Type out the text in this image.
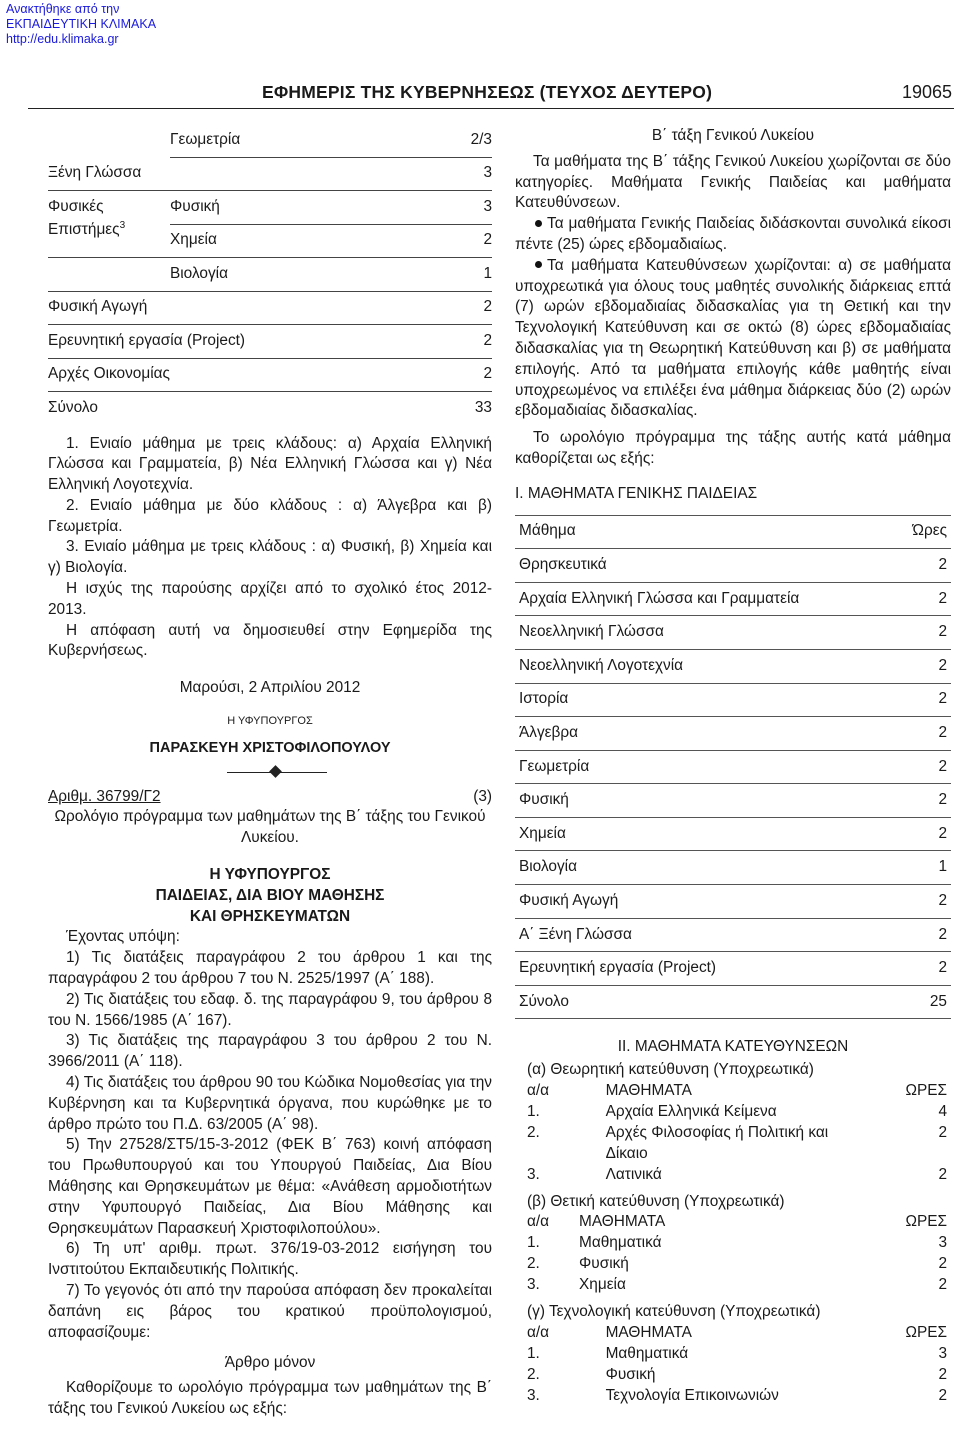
Ανακτήθηκε από την
ΕΚΠΑΙΔΕΥΤΙΚΗ ΚΛΙΜΑΚΑ
http://edu.klimaka.gr
ΕΦΗΜΕΡΙΣ ΤΗΣ ΚΥΒΕΡΝΗΣΕΩΣ (ΤΕΥΧΟΣ ΔΕΥΤΕΡΟ)	19065
	Γεωμετρία	2/3
Ξένη Γλώσσα		3
Φυσικές
Επιστήμες$^3$	Φυσική	3
	Χημεία	2
	Βιολογία	1
Φυσική Αγωγή		2
Ερευνητική εργασία (Project)		2
Αρχές Οικονομίας		2
Σύνολο		33

1. Ενιαίο μάθημα με τρεις κλάδους: α) Αρχαία Ελληνική Γλώσσα και Γραμματεία, β) Νέα Ελληνική Γλώσσα και γ) Νέα Ελληνική Λογοτεχνία.

2. Ενιαίο μάθημα με δύο κλάδους : α) Άλγεβρα και β) Γεωμετρία.

3. Ενιαίο μάθημα με τρεις κλάδους : α) Φυσική, β) Χημεία και γ) Βιολογία.

Η ισχύς της παρούσης αρχίζει από το σχολικό έτος 2012-2013.

Η απόφαση αυτή να δημοσιευθεί στην Εφημερίδα της Κυβερνήσεως.

Μαρούσι, 2 Απριλίου 2012

Η ΥΦΥΠΟΥΡΓΟΣ

ΠΑΡΑΣΚΕΥΗ ΧΡΙΣΤΟΦΙΛΟΠΟΥΛΟΥ

Αριθμ. 36799/Γ2	(3)

Ωρολόγιο πρόγραμμα των μαθημάτων της Β΄ τάξης του Γενικού Λυκείου.

Η ΥΦΥΠΟΥΡΓΟΣ

ΠΑΙΔΕΙΑΣ, ΔΙΑ ΒΙΟΥ ΜΑΘΗΣΗΣ

ΚΑΙ ΘΡΗΣΚΕΥΜΑΤΩΝ

Έχοντας υπόψη:

1) Τις διατάξεις παραγράφου 2 του άρθρου 1 και της παραγράφου 2 του άρθρου 7 του Ν. 2525/1997 (Α΄ 188).

2) Τις διατάξεις του εδαφ. δ. της παραγράφου 9, του άρθρου 8 του Ν. 1566/1985 (Α΄ 167).

3) Τις διατάξεις της παραγράφου 3 του άρθρου 2 του Ν. 3966/2011 (Α΄ 118).

4) Τις διατάξεις του άρθρου 90 του Κώδικα Νομοθεσίας για την Κυβέρνηση και τα Κυβερνητικά όργανα, που κυρώθηκε με το άρθρο πρώτο του Π.Δ. 63/2005 (Α΄ 98).

5) Την 27528/ΣΤ5/15-3-2012 (ΦΕΚ Β΄ 763) κοινή απόφαση του Πρωθυπουργού και του Υπουργού Παιδείας, Δια Βίου Μάθησης και Θρησκευμάτων με θέμα: «Ανάθεση αρμοδιοτήτων στην Υφυπουργό Παιδείας, Δια Βίου Μάθησης και Θρησκευμάτων Παρασκευή Χριστοφιλοπούλου».

6) Τη υπ' αριθμ. πρωτ. 376/19-03-2012 εισήγηση του Ινστιτούτου Εκπαιδευτικής Πολιτικής.

7) Το γεγονός ότι από την παρούσα απόφαση δεν προκαλείται δαπάνη εις βάρος του κρατικού προϋπολογισμού, αποφασίζουμε:

Άρθρο μόνον

Καθορίζουμε το ωρολόγιο πρόγραμμα των μαθημάτων της Β΄ τάξης του Γενικού Λυκείου ως εξής:

Β΄ τάξη Γενικού Λυκείου

Τα μαθήματα της Β΄ τάξης Γενικού Λυκείου χωρίζονται σε δύο κατηγορίες. Μαθήματα Γενικής Παιδείας και μαθήματα Κατευθύνσεων.

Τα μαθήματα Γενικής Παιδείας διδάσκονται συνολικά είκοσι πέντε (25) ώρες εβδομαδιαίως.

Τα μαθήματα Κατευθύνσεων χωρίζονται: α) σε μαθήματα υποχρεωτικά για όλους τους μαθητές συνολικής διάρκειας επτά (7) ωρών εβδομαδιαίας διδασκαλίας για τη Θετική και την Τεχνολογική Κατεύθυνση και σε οκτώ (8) ώρες εβδομαδιαίας διδασκαλίας για τη Θεωρητική Κατεύθυνση και β) σε μαθήματα επιλογής. Από τα μαθήματα επιλογής κάθε μαθητής είναι υποχρεωμένος να επιλέξει ένα μάθημα διάρκειας δύο (2) ωρών εβδομαδιαίας διδασκαλίας.

Το ωρολόγιο πρόγραμμα της τάξης αυτής κατά μάθημα καθορίζεται ως εξής:

Ι. ΜΑΘΗΜΑΤΑ ΓΕΝΙΚΗΣ ΠΑΙΔΕΙΑΣ

Μάθημα	Ώρες
Θρησκευτικά	2
Αρχαία Ελληνική Γλώσσα και Γραμματεία	2
Νεοελληνική Γλώσσα	2
Νεοελληνική Λογοτεχνία	2
Ιστορία	2
Άλγεβρα	2
Γεωμετρία	2
Φυσική	2
Χημεία	2
Βιολογία	1
Φυσική Αγωγή	2
Α΄ Ξένη Γλώσσα	2
Ερευνητική εργασία (Project)	2
Σύνολο	25

ΙΙ. ΜΑΘΗΜΑΤΑ ΚΑΤΕΥΘΥΝΣΕΩΝ

(α) Θεωρητική κατεύθυνση (Υποχρεωτικά)

α/α	ΜΑΘΗΜΑΤΑ	ΩΡΕΣ
1.	Αρχαία Ελληνικά Κείμενα	4
2.	Αρχές Φιλοσοφίας ή Πολιτική και Δίκαιο	2
3.	Λατινικά	2

(β) Θετική κατεύθυνση (Υποχρεωτικά)

α/α	ΜΑΘΗΜΑΤΑ	ΩΡΕΣ
1.	Μαθηματικά	3
2.	Φυσική	2
3.	Χημεία	2

(γ) Τεχνολογική κατεύθυνση (Υποχρεωτικά)

α/α	ΜΑΘΗΜΑΤΑ	ΩΡΕΣ
1.	Μαθηματικά	3
2.	Φυσική	2
3.	Τεχνολογία Επικοινωνιών	2
